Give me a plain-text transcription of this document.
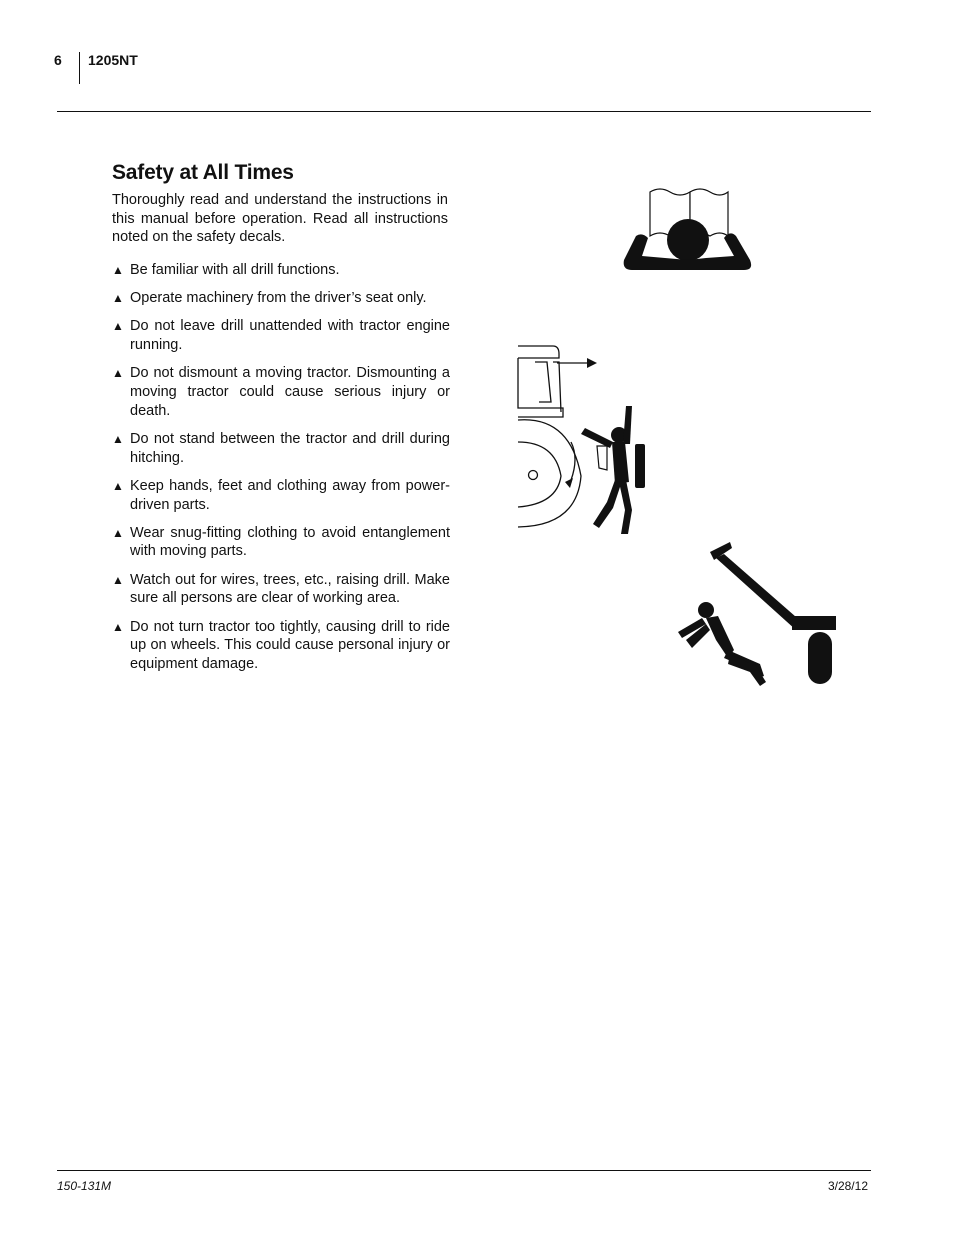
6 1205NT
Safety at All Times

Thoroughly read and understand the instructions in this manual before operation. Read all instructions noted on the safety decals.

▲ Be familiar with all drill functions.
▲ Operate machinery from the driver’s seat only.
▲ Do not leave drill unattended with tractor engine running.
▲ Do not dismount a moving tractor. Dismounting a moving tractor could cause serious injury or death.
▲ Do not stand between the tractor and drill during hitching.
▲ Keep hands, feet and clothing away from power-driven parts.
▲ Wear snug-fitting clothing to avoid entanglement with moving parts.
▲ Watch out for wires, trees, etc., raising drill. Make sure all persons are clear of working area.
▲ Do not turn tractor too tightly, causing drill to ride up on wheels. This could cause personal injury or equipment damage.
150-131M	3/28/12
